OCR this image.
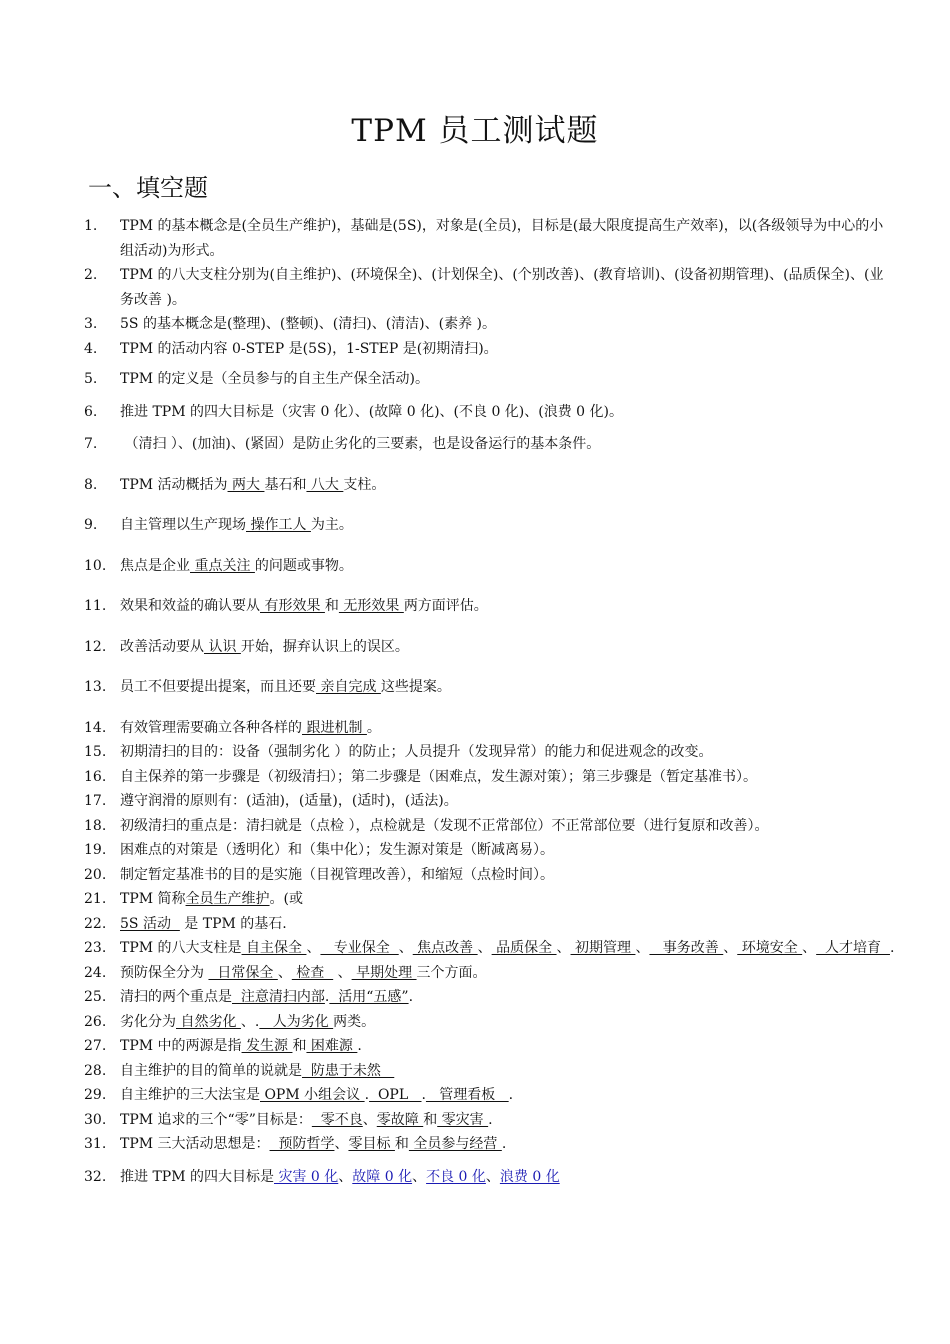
TPM 员工测试题
一、填空题
1.	TPM 的基本概念是(全员生产维护)，基础是(5S)，对象是(全员)，目标是(最大限度提高生产效率)，以(各级领导为中心的小组活动)为形式。
2.	TPM 的八大支柱分别为(自主维护)、(环境保全)、(计划保全)、(个别改善)、(教育培训)、(设备初期管理)、(品质保全)、(业务改善 )。
3.	5S 的基本概念是(整理)、(整顿)、(清扫)、(清洁)、(素养 )。
4.	TPM 的活动内容 0-STEP 是(5S)，1-STEP 是(初期清扫)。
5.	TPM 的定义是（全员参与的自主生产保全活动)。
6.	推进 TPM 的四大目标是（灾害 0 化）、(故障 0 化)、(不良 0 化)、(浪费 0 化)。
7.	（清扫 ）、(加油)、(紧固）是防止劣化的三要素，也是设备运行的基本条件。
8.	TPM 活动概括为 两大 基石和 八大 支柱。
9.	自主管理以生产现场 操作工人 为主。
10. 焦点是企业 重点关注 的问题或事物。
11. 效果和效益的确认要从 有形效果 和 无形效果 两方面评估。
12. 改善活动要从 认识 开始，摒弃认识上的误区。
13. 员工不但要提出提案，而且还要 亲自完成 这些提案。
14. 有效管理需要确立各种各样的 跟进机制 。
15. 初期清扫的目的：设备（强制劣化 ）的防止；人员提升（发现异常）的能力和促进观念的改变。
16. 自主保养的第一步骤是（初级清扫）；第二步骤是（困难点，发生源对策）；第三步骤是（暂定基准书）。
17. 遵守润滑的原则有：(适油)，(适量)，(适时)，(适法)。
18. 初级清扫的重点是：清扫就是（点检 ），点检就是（发现不正常部位）不正常部位要（进行复原和改善）。
19. 困难点的对策是（透明化）和（集中化）；发生源对策是（断减离易）。
20. 制定暂定基准书的目的是实施（目视管理改善），和缩短（点检时间）。
21. TPM 简称全员生产维护。(或
22. 5S 活动   是 TPM 的基石.
23. TPM 的八大支柱是 自主保全 、   专业保全  、 焦点改善 、 品质保全 、 初期管理 、   事务改善 、 环境安全 、  人才培育  .
24. 预防保全分为   日常保全 、 检查   、 早期处理 三个方面。
25. 清扫的两个重点是  注意清扫内部.  活用“五感”.
26. 劣化分为 自然劣化 、.   人为劣化 两类。
27. TPM 中的两源是指 发生源 和 困难源 .
28. 自主维护的目的简单的说就是  防患于未然
29. 自主维护的三大法宝是 OPM 小组会议 .  OPL   .   管理看板   .
30. TPM 追求的三个“零”目标是：  零不良、零故障 和 零灾害 .
31. TPM 三大活动思想是：  预防哲学、零目标 和 全员参与经营 .
32. 推进 TPM 的四大目标是 灾害 0 化、故障 0 化、不良 0 化、浪费 0 化
